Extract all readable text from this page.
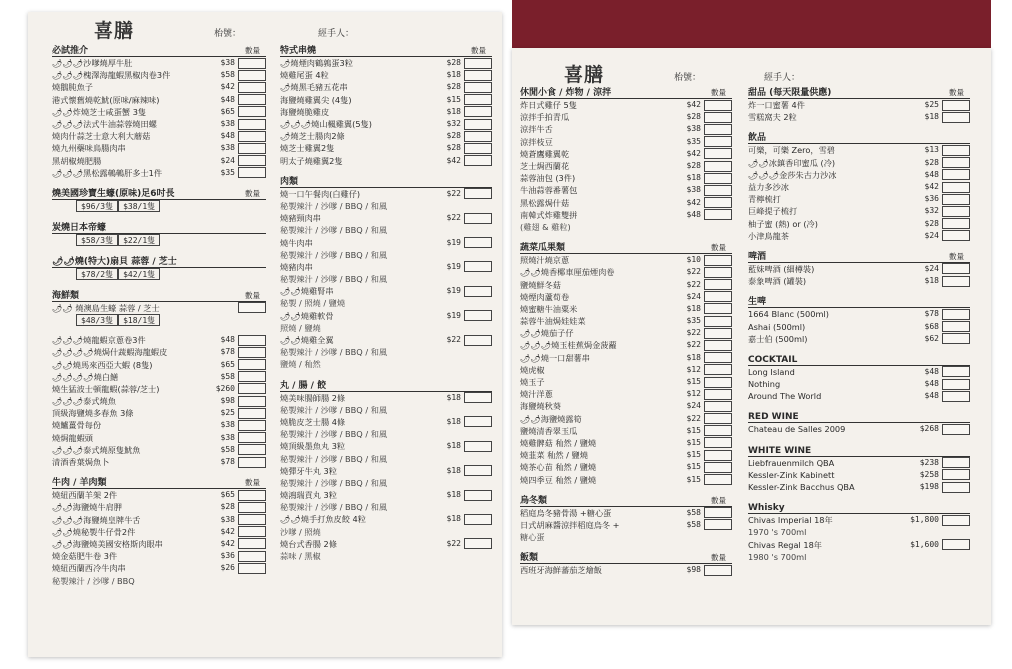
喜膳	枱號：	經手人：
必試推介	數量
🌶🌶🌶沙嗲燒厚牛肚	$38
🌶🌶🌶槐澤海龍蝦黑椒肉卷3件	$58
燒鵝肫魚子	$42
港式懷舊燒乾魷(原味/麻辣味)	$48
🌶🌶炸燒芝士咸蛋蟹 3隻	$65
🌶🌶🌶法式牛油蒜蓉燒田螺	$38
燒肉什蒜芝士意大利大蘑菇	$48
燒九州藥味鳥腸肉串	$38
黑胡椒燒肥腸	$24
🌶🌶🌶黑松露鵪鵪肝多士1件	$35
燒美國珍寶生蠔(原味)足6吋長	數量
$96/3隻	$38/1隻
炭燒日本帝蠔
$58/3隻	$22/1隻
🌶🌶燒(特大)扇貝 蒜蓉 / 芝士
$78/2隻	$42/1隻
海鮮類	數量
🌶🌶 燒澳島生蠔 蒜蓉 / 芝士
$48/3隻	$18/1隻
🌶🌶🌶燒龍蝦京蔥卷3件	$48
🌶🌶🌶🌶燒焗什蔬蝦海龍蝦皮	$78
🌶🌶燒馬來西亞大蝦 (8隻)	$65
🌶🌶🌶🌶燒白鱔	$58
燒生猛波士頓龍蝦(蒜蓉/芝士)	$260
🌶🌶🌶泰式燒魚	$98
頂級海鹽燒多春魚 3條	$25
燒鱸薑骨每份	$38
燒焗龍蝦頭	$38
🌶🌶🌶泰式燒原隻魷魚	$58
清酒香葉焗魚卜	$78
牛肉 / 羊肉類	數量
燒紐西蘭羊架 2件	$65
🌶🌶海鹽燒牛肩胛	$28
🌶🌶🌶海鹽燒皇牌牛舌	$38
🌶🌶燒秘製牛仔骨2件	$42
🌶🌶海鹽燒美國安格斯肉眼串	$42
燒金菇肥牛卷 3件	$36
燒紐西蘭西冷牛肉串	$26
秘製辣汁 / 沙嗲 / BBQ
特式串燒	數量
🌶燒煙肉鶴鶉蛋3粒	$28
燒雞尾蛋 4粒	$18
🌶燒黑毛豬五花串	$28
海鹽燒雞翼尖 (4隻)	$15
海鹽燒脆雞皮	$18
🌶🌶🌶燒山楓雞翼(5隻)	$32
🌶燒芝士腸肉2條	$28
燒芝士雞翼2隻	$28
明太子燒雞翼2隻	$42
肉類
燒一口午餐肉(白雞仔)	$22
秘製辣汁 / 沙嗲 / BBQ / 和風
燒豬頸肉串	$22
秘製辣汁 / 沙嗲 / BBQ / 和風
燒牛肉串	$19
秘製辣汁 / 沙嗲 / BBQ / 和風
燒豬肉串	$19
秘製辣汁 / 沙嗲 / BBQ / 和風
🌶🌶燒雞腎串	$19
秘製 / 照燒 / 鹽燒
🌶🌶燒雞軟骨	$19
照燒 / 鹽燒
🌶🌶燒雞全翼	$22
秘製辣汁 / 沙嗲 / BBQ / 和風
鹽燒 / 秈然
丸 / 腸 / 餃
燒美味腸師腸 2條	$18
秘製辣汁 / 沙嗲 / BBQ / 和風
燒脆皮芝士腸 4條	$18
秘製辣汁 / 沙嗲 / BBQ / 和風
燒頂級墨魚丸 3粒	$18
秘製辣汁 / 沙嗲 / BBQ / 和風
燒彈牙牛丸 3粒	$18
秘製辣汁 / 沙嗲 / BBQ / 和風
燒鴻瑞貢丸 3粒	$18
秘製辣汁 / 沙嗲 / BBQ / 和風
🌶🌶燒手打魚皮餃 4粒	$18
沙嗲 / 照燒
燒台式香腸 2條	$22
蒜味 / 黑椒
喜膳	枱號：	經手人：
休閒小食 / 炸物 / 涼拌	數量
炸日式雞仔 5隻	$42
涼拌手拍青瓜	$28
涼拌牛舌	$38
涼拌枝豆	$35
燒蒼鷹雞翼乾	$42
芝士焗西蘭花	$28
蒜蓉油包 (3件)	$18
牛油蒜蓉番薯包	$38
黑松露焗什菇	$42
南韓式炸雞雙拼	$48
(雞翅 & 雞粒)
蔬菜瓜果類	數量
照燒汁燒京蔥	$10
🌶🌶燒香椰車厘茄煙肉卷	$22
鹽燒鮮冬菇	$22
燒煙肉蘆荀卷	$24
燒蜜糖牛油粟米	$18
蒜蓉牛油焗娃娃菜	$35
🌶🌶燒茄子仔	$22
🌶🌶🌶燒玉桂蕉焗金菠蘿	$22
🌶🌶燒一口甜薯串	$18
燒虎椒	$12
燒玉子	$15
燒汁洋蔥	$12
海鹽燒秋葵	$24
🌶🌶海鹽燒露筍	$22
鹽燒清香翠玉瓜	$15
燒雞髀菇 秈然 / 鹽燒	$15
燒韮菜 秈然 / 鹽燒	$15
燒茶心苗 秈然 / 鹽燒	$15
燒四季豆 秈然 / 鹽燒	$15
烏冬類	數量
稻庭烏冬豬骨湯 +糖心蛋	$58
日式胡麻醬涼拌稻庭烏冬 +	$58
糖心蛋
飯類	數量
西班牙海鮮蕃茄芝燴飯	$98
甜品 (每天限量供應)	數量
炸一口蜜薯 4件	$25
雪糕窩夫 2粒	$18
飲品
可樂，可樂 Zero，雪碧	$13
🌶🌶冰鎮香印蜜瓜 (冷)	$28
🌶🌶🌶金莎朱古力沙冰	$48
益力多沙冰	$42
青檸梳打	$36
巨峰提子梳打	$32
柚子蜜 (熱) or (冷)	$28
小津鳥龍茶	$24
啤酒	數量
藍妹啤酒 (細樽裝)	$24
泰象啤酒 (罐裝)	$18
生啤
1664 Blanc (500ml)	$78
Ashai (500ml)	$68
嘉士伯 (500ml)	$62
COCKTAIL
Long Island	$48
Nothing	$48
Around The World	$48
RED WINE
Chateau de Salles 2009	$268
WHITE WINE
Liebfrauenmilch QBA	$238
Kessler-Zink Kabinett	$258
Kessler-Zink Bacchus QBA	$198
Whisky
Chivas Imperial 18年	$1,800
1970 's 700ml
Chivas Regal 18年	$1,600
1980 's 700ml
